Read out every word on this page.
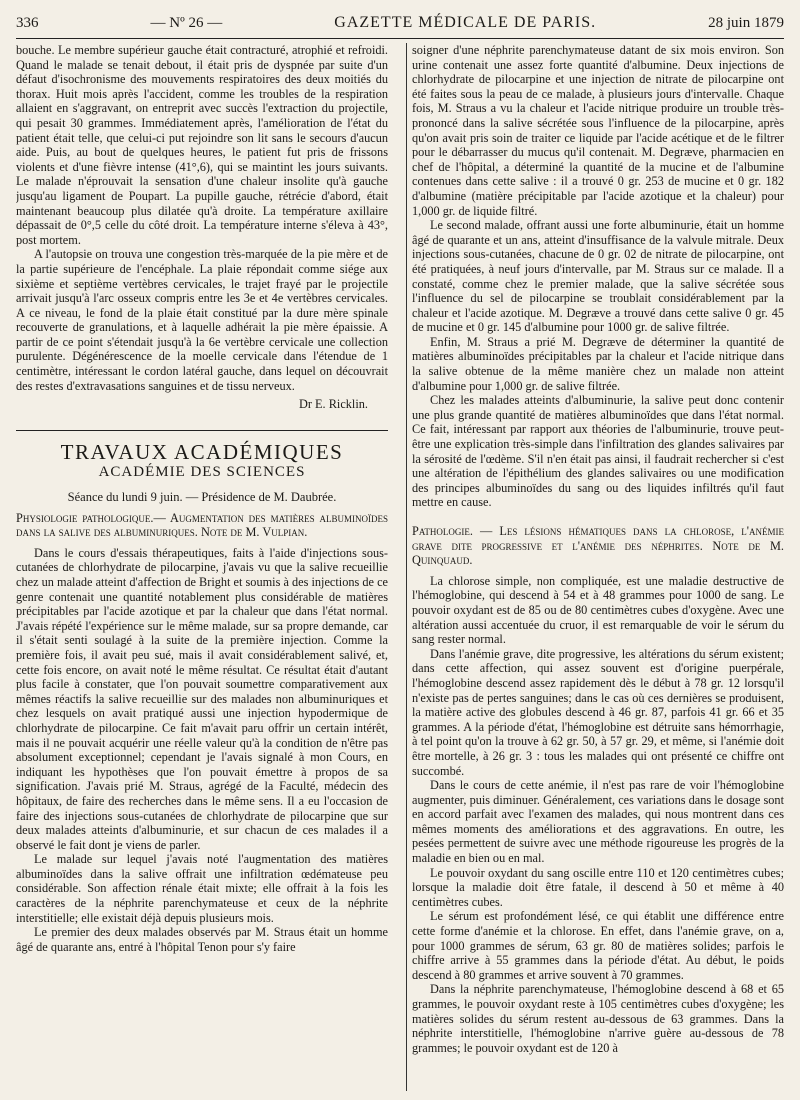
336	— Nº 26 —	GAZETTE MÉDICALE DE PARIS.	28 juin 1879

bouche. Le membre supérieur gauche était contracturé, atrophié et refroidi. Quand le malade se tenait debout, il était pris de dyspnée par suite d'un défaut d'isochronisme des mouvements respiratoires des deux moitiés du thorax. Huit mois après l'accident, comme les troubles de la respiration allaient en s'aggravant, on entreprit avec succès l'extraction du projectile, qui pesait 30 grammes. Immédiatement après, l'amélioration de l'état du patient était telle, que celui-ci put rejoindre son lit sans le secours d'aucun aide. Puis, au bout de quelques heures, le patient fut pris de frissons violents et d'une fièvre intense (41°,6), qui se maintint les jours suivants. Le malade n'éprouvait la sensation d'une chaleur insolite qu'à gauche jusqu'au ligament de Poupart. La pupille gauche, rétrécie d'abord, était maintenant beaucoup plus dilatée qu'à droite. La température axillaire dépassait de 0°,5 celle du côté droit. La température interne s'éleva à 43°, post mortem.

A l'autopsie on trouva une congestion très-marquée de la pie mère et de la partie supérieure de l'encéphale. La plaie répondait comme siége aux sixième et septième vertèbres cervicales, le trajet frayé par le projectile arrivait jusqu'à l'arc osseux compris entre les 3e et 4e vertèbres cervicales. A ce niveau, le fond de la plaie était constitué par la dure mère spinale recouverte de granulations, et à laquelle adhérait la pie mère épaissie. A partir de ce point s'étendait jusqu'à la 6e vertèbre cervicale une collection purulente. Dégénérescence de la moelle cervicale dans l'étendue de 1 centimètre, intéressant le cordon latéral gauche, dans lequel on découvrait des restes d'extravasations sanguines et de tissu nerveux.

Dr E. Ricklin.
TRAVAUX ACADÉMIQUES
ACADÉMIE DES SCIENCES
Séance du lundi 9 juin. — Présidence de M. Daubrée.

Physiologie pathologique.— Augmentation des matières albuminoïdes dans la salive des albuminuriques. Note de M. Vulpian.

Dans le cours d'essais thérapeutiques, faits à l'aide d'injections sous-cutanées de chlorhydrate de pilocarpine, j'avais vu que la salive recueillie chez un malade atteint d'affection de Bright et soumis à des injections de ce genre contenait une quantité notablement plus considérable de matières précipitables par l'acide azotique et par la chaleur que dans l'état normal. J'avais répété l'expérience sur le même malade, sur sa propre demande, car il s'était senti soulagé à la suite de la première injection. Comme la première fois, il avait peu sué, mais il avait considérablement salivé, et, cette fois encore, on avait noté le même résultat. Ce résultat était d'autant plus facile à constater, que l'on pouvait soumettre comparativement aux mêmes réactifs la salive recueillie sur des malades non albuminuriques et chez lesquels on avait pratiqué aussi une injection hypodermique de chlorhydrate de pilocarpine. Ce fait m'avait paru offrir un certain intérêt, mais il ne pouvait acquérir une réelle valeur qu'à la condition de n'être pas absolument exceptionnel; cependant je l'avais signalé à mon Cours, en indiquant les hypothèses que l'on pouvait émettre à propos de sa signification. J'avais prié M. Straus, agrégé de la Faculté, médecin des hôpitaux, de faire des recherches dans le même sens. Il a eu l'occasion de faire des injections sous-cutanées de chlorhydrate de pilocarpine que sur deux malades atteints d'albuminurie, et sur chacun de ces malades il a observé le fait dont je viens de parler.

Le malade sur lequel j'avais noté l'augmentation des matières albuminoïdes dans la salive offrait une infiltration œdémateuse peu considérable. Son affection rénale était mixte; elle offrait à la fois les caractères de la néphrite parenchymateuse et ceux de la néphrite interstitielle; elle existait déjà depuis plusieurs mois.

Le premier des deux malades observés par M. Straus était un homme âgé de quarante ans, entré à l'hôpital Tenon pour s'y faire

soigner d'une néphrite parenchymateuse datant de six mois environ. Son urine contenait une assez forte quantité d'albumine. Deux injections de chlorhydrate de pilocarpine et une injection de nitrate de pilocarpine ont été faites sous la peau de ce malade, à plusieurs jours d'intervalle. Chaque fois, M. Straus a vu la chaleur et l'acide nitrique produire un trouble très-prononcé dans la salive sécrétée sous l'influence de la pilocarpine, après qu'on avait pris soin de traiter ce liquide par l'acide acétique et de le filtrer pour le débarrasser du mucus qu'il contenait. M. Degræve, pharmacien en chef de l'hôpital, a déterminé la quantité de la mucine et de l'albumine contenues dans cette salive : il a trouvé 0 gr. 253 de mucine et 0 gr. 182 d'albumine (matière précipitable par l'acide azotique et la chaleur) pour 1,000 gr. de liquide filtré.

Le second malade, offrant aussi une forte albuminurie, était un homme âgé de quarante et un ans, atteint d'insuffisance de la valvule mitrale. Deux injections sous-cutanées, chacune de 0 gr. 02 de nitrate de pilocarpine, ont été pratiquées, à neuf jours d'intervalle, par M. Straus sur ce malade. Il a constaté, comme chez le premier malade, que la salive sécrétée sous l'influence du sel de pilocarpine se troublait considérablement par la chaleur et l'acide azotique. M. Degræve a trouvé dans cette salive 0 gr. 45 de mucine et 0 gr. 145 d'albumine pour 1000 gr. de salive filtrée.

Enfin, M. Straus a prié M. Degræve de déterminer la quantité de matières albuminoïdes précipitables par la chaleur et l'acide nitrique dans la salive obtenue de la même manière chez un malade non atteint d'albumine pour 1,000 gr. de salive filtrée.

Chez les malades atteints d'albuminurie, la salive peut donc contenir une plus grande quantité de matières albuminoïdes que dans l'état normal. Ce fait, intéressant par rapport aux théories de l'albuminurie, trouve peut-être une explication très-simple dans l'infiltration des glandes salivaires par la sérosité de l'œdème. S'il n'en était pas ainsi, il faudrait rechercher si c'est une altération de l'épithélium des glandes salivaires ou une modification des principes albuminoïdes du sang ou des liquides infiltrés qu'il faut mettre en cause.

Pathologie. — Les lésions hématiques dans la chlorose, l'anémie grave dite progressive et l'anémie des néphrites. Note de M. Quinquaud.

La chlorose simple, non compliquée, est une maladie destructive de l'hémoglobine, qui descend à 54 et à 48 grammes pour 1000 de sang. Le pouvoir oxydant est de 85 ou de 80 centimètres cubes d'oxygène. Avec une altération aussi accentuée du cruor, il est remarquable de voir le sérum du sang rester normal.

Dans l'anémie grave, dite progressive, les altérations du sérum existent; dans cette affection, qui assez souvent est d'origine puerpérale, l'hémoglobine descend assez rapidement dès le début à 78 gr. 12 lorsqu'il n'existe pas de pertes sanguines; dans le cas où ces dernières se produisent, la matière active des globules descend à 46 gr. 87, parfois 41 gr. 66 et 35 grammes. A la période d'état, l'hémoglobine est détruite sans hémorrhagie, à tel point qu'on la trouve à 62 gr. 50, à 57 gr. 29, et même, si l'anémie doit être mortelle, à 26 gr. 3 : tous les malades qui ont présenté ce chiffre ont succombé.

Dans le cours de cette anémie, il n'est pas rare de voir l'hémoglobine augmenter, puis diminuer. Généralement, ces variations dans le dosage sont en accord parfait avec l'examen des malades, qui nous montrent dans ces mêmes moments des améliorations et des aggravations. En outre, les pesées permettent de suivre avec une méthode rigoureuse les progrès de la maladie en bien ou en mal.

Le pouvoir oxydant du sang oscille entre 110 et 120 centimètres cubes; lorsque la maladie doit être fatale, il descend à 50 et même à 40 centimètres cubes.

Le sérum est profondément lésé, ce qui établit une différence entre cette forme d'anémie et la chlorose. En effet, dans l'anémie grave, on a, pour 1000 grammes de sérum, 63 gr. 80 de matières solides; parfois le chiffre arrive à 55 grammes dans la période d'état. Au début, le poids descend à 80 grammes et arrive souvent à 70 grammes.

Dans la néphrite parenchymateuse, l'hémoglobine descend à 68 et 65 grammes, le pouvoir oxydant reste à 105 centimètres cubes d'oxygène; les matières solides du sérum restent au-dessous de 63 grammes. Dans la néphrite interstitielle, l'hémoglobine n'arrive guère au-dessous de 78 grammes; le pouvoir oxydant est de 120 à
